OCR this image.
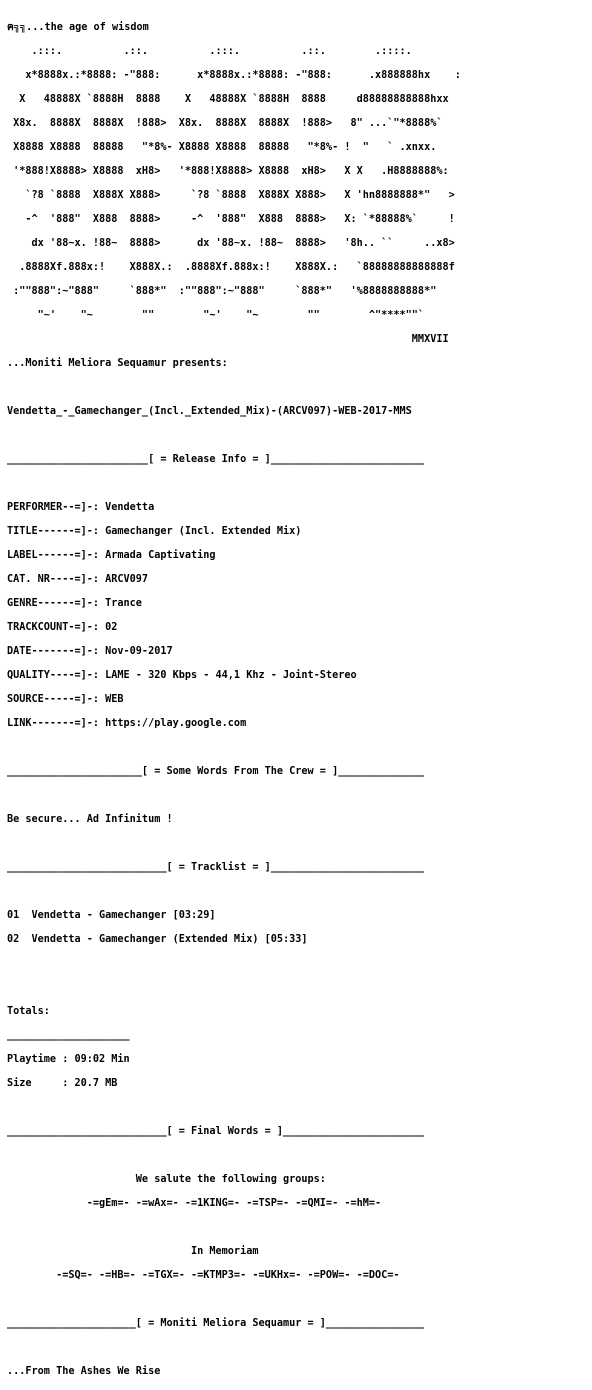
ฅ╗╗...the age of wisdom

.:::.          .::.          .:::.          .::.        .::::.

x*8888x.:*8888: -"888:      x*8888x.:*8888: -"888:      .x888888hx    :

X   48888X `8888H  8888    X   48888X `8888H  8888     d88888888888hxx

X8x.  8888X  8888X  !888>  X8x.  8888X  8888X  !888>   8" ...`"*8888%`

X8888 X8888  88888   "*8%- X8888 X8888  88888   "*8%- !  "   ` .xnxx.

'*888!X8888> X8888  xH8>   '*888!X8888> X8888  xH8>   X X   .H8888888%:

`?8 `8888  X888X X888>     `?8 `8888  X888X X888>   X 'hn8888888*"   >

-^  '888"  X888  8888>     -^  '888"  X888  8888>   X: `*88888%`     !

dx '88~x. !88~  8888>      dx '88~x. !88~  8888>   '8h.. ``     ..x8>

.8888Xf.888x:!    X888X.:  .8888Xf.888x:!    X888X.:   `88888888888888f

:""888":~"888"     `888*"  :""888":~"888"     `888*"   '%8888888888*"

"~'    "~        ""        "~'    "~        ""        ^"****""`

MMXVII

...Moniti Meliora Sequamur presents:

Vendetta_-_Gamechanger_(Incl._Extended_Mix)-(ARCV097)-WEB-2017-MMS

_______________________[ = Release Info = ]_________________________

PERFORMER--=]-: Vendetta

TITLE------=]-: Gamechanger (Incl. Extended Mix)

LABEL------=]-: Armada Captivating

CAT. NR----=]-: ARCV097

GENRE------=]-: Trance

TRACKCOUNT-=]-: 02

DATE-------=]-: Nov-09-2017

QUALITY----=]-: LAME - 320 Kbps - 44,1 Khz - Joint-Stereo

SOURCE-----=]-: WEB

LINK-------=]-: https://play.google.com

______________________[ = Some Words From The Crew = ]______________

Be secure... Ad Infinitum !

__________________________[ = Tracklist = ]_________________________

01  Vendetta - Gamechanger [03:29]

02  Vendetta - Gamechanger (Extended Mix) [05:33]

Totals:

____________________

Playtime : 09:02 Min

Size     : 20.7 MB

__________________________[ = Final Words = ]_______________________

We salute the following groups:

-=gEm=- -=wAx=- -=1KING=- -=TSP=- -=QMI=- -=hM=-

In Memoriam

-=SQ=- -=HB=- -=TGX=- -=KTMP3=- -=UKHx=- -=POW=- -=DOC=-

_____________________[ = Moniti Meliora Sequamur = ]________________

...From The Ashes We Rise
